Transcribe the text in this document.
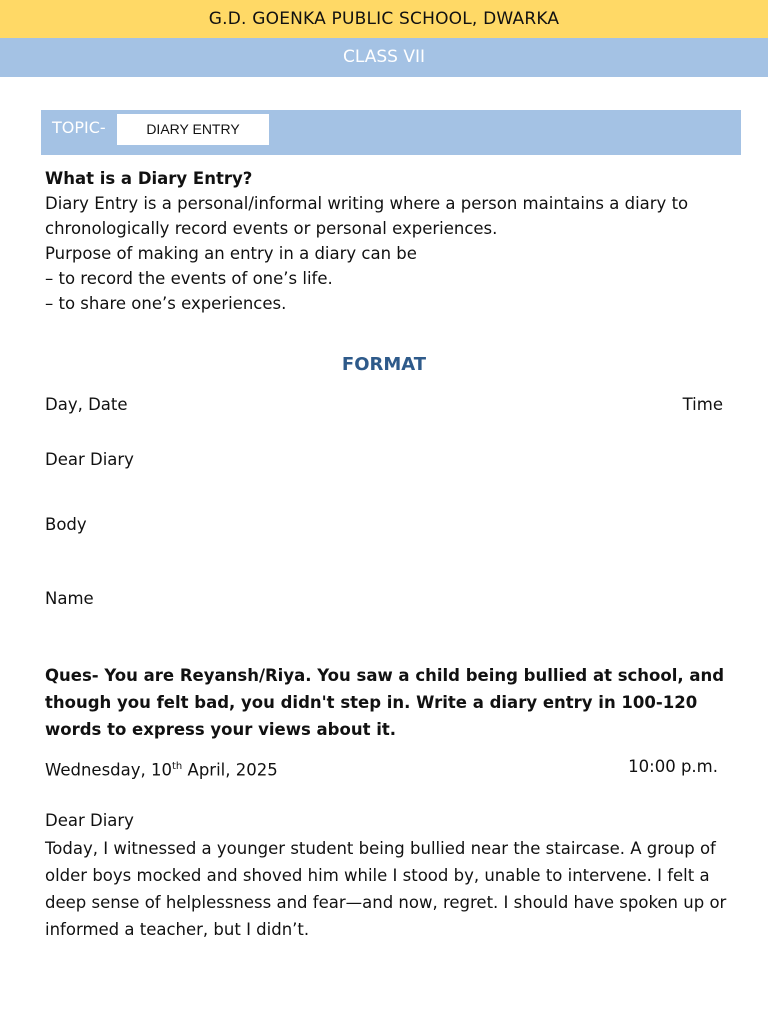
G.D. GOENKA PUBLIC SCHOOL, DWARKA
CLASS VII
TOPIC-	DIARY ENTRY
What is a Diary Entry?
Diary Entry is a personal/informal writing where a person maintains a diary to
chronologically record events or personal experiences.
Purpose of making an entry in a diary can be
– to record the events of one’s life.
– to share one’s experiences.
FORMAT
Day, Date	Time
Dear Diary
Body
Name
Ques- You are Reyansh/Riya. You saw a child being bullied at school, and though you felt bad, you didn't step in. Write a diary entry in 100-120 words to express your views about it.
Wednesday, 10th April, 2025	10:00 p.m.
Dear Diary
Today, I witnessed a younger student being bullied near the staircase. A group of older boys mocked and shoved him while I stood by, unable to intervene. I felt a deep sense of helplessness and fear—and now, regret. I should have spoken up or informed a teacher, but I didn’t.
